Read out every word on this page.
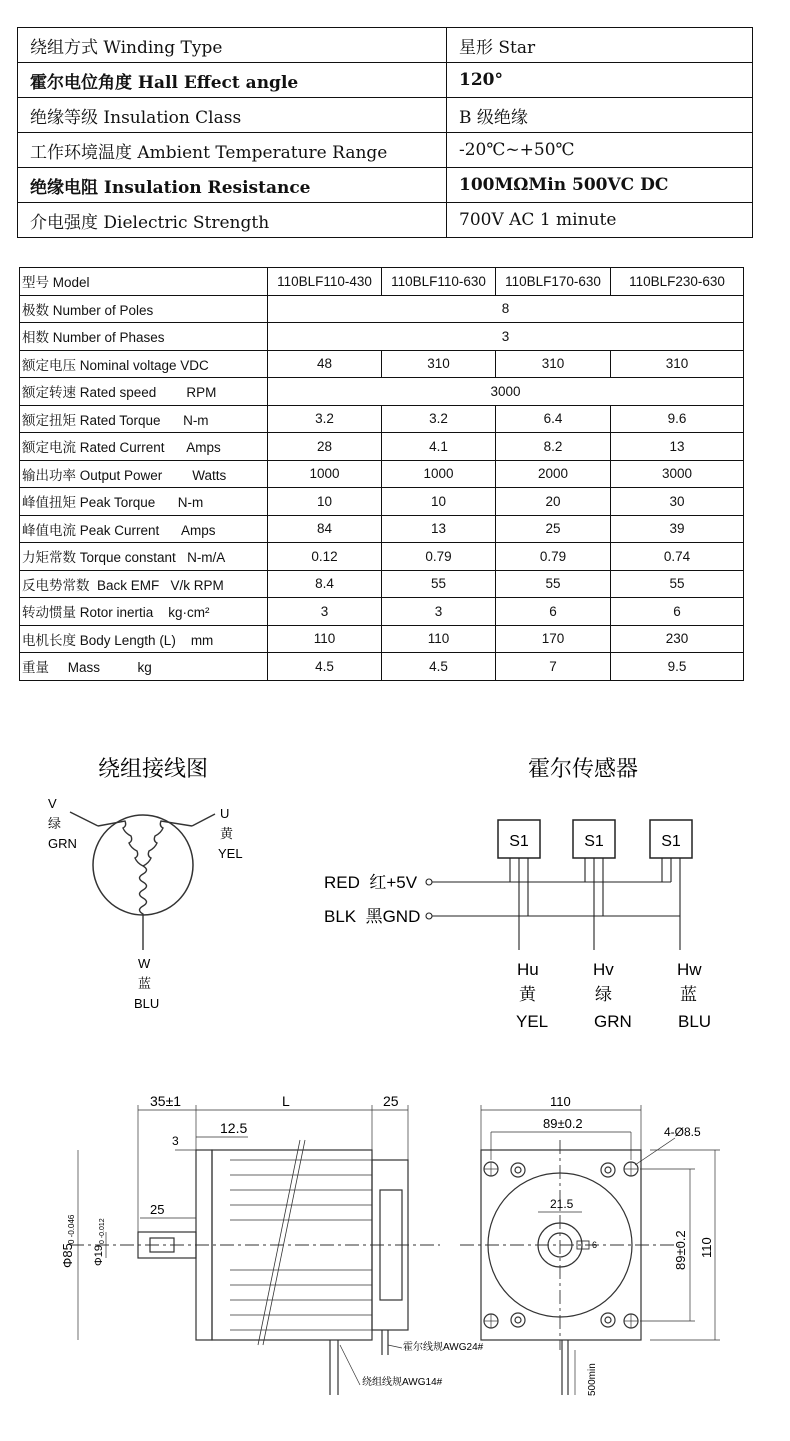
绕组方式 Winding Type	星形 Star
霍尔电位角度 Hall Effect angle	120°
绝缘等级 Insulation Class	B 级绝缘
工作环境温度 Ambient Temperature Range	-20℃~+50℃
绝缘电阻 Insulation Resistance	100MΩMin 500VC DC
介电强度 Dielectric Strength	700V AC 1 minute
型号 Model	110BLF110-430	110BLF110-630	110BLF170-630	110BLF230-630
极数 Number of Poles	8			
相数 Number of Phases	3			
额定电压 Nominal voltage VDC	48	310	310	310
额定转速 Rated speed        RPM	3000			
额定扭矩 Rated Torque      N-m	3.2	3.2	6.4	9.6
额定电流 Rated Current      Amps	28	4.1	8.2	13
输出功率 Output Power        Watts	1000	1000	2000	3000
峰值扭矩 Peak Torque      N-m	10	10	20	30
峰值电流 Peak Current      Amps	84	13	25	39
力矩常数 Torque constant   N-m/A	0.12	0.79	0.79	0.74
反电势常数  Back EMF   V/k RPM	8.4	55	55	55
转动惯量 Rotor inertia    kg·cm²	3	3	6	6
电机长度 Body Length (L)    mm	110	110	170	230
重量     Mass          kg	4.5	4.5	7	9.5
绕组接线图
V
绿
GRN
U
黄
YEL
W
蓝
BLU
霍尔传感器
S1	S1	S1
RED  红+5V
BLK  黑GND
Hu
黄
YEL
Hv
绿
GRN
Hw
蓝
BLU
35±1	L	25
12.5
3
25
Φ85
0 -0.046
Φ19
0 -0.012
霍尔线规AWG24#
绕组线规AWG14#
110
89±0.2
4-Ø8.5
21.5
6	89±0.2 110
500min
